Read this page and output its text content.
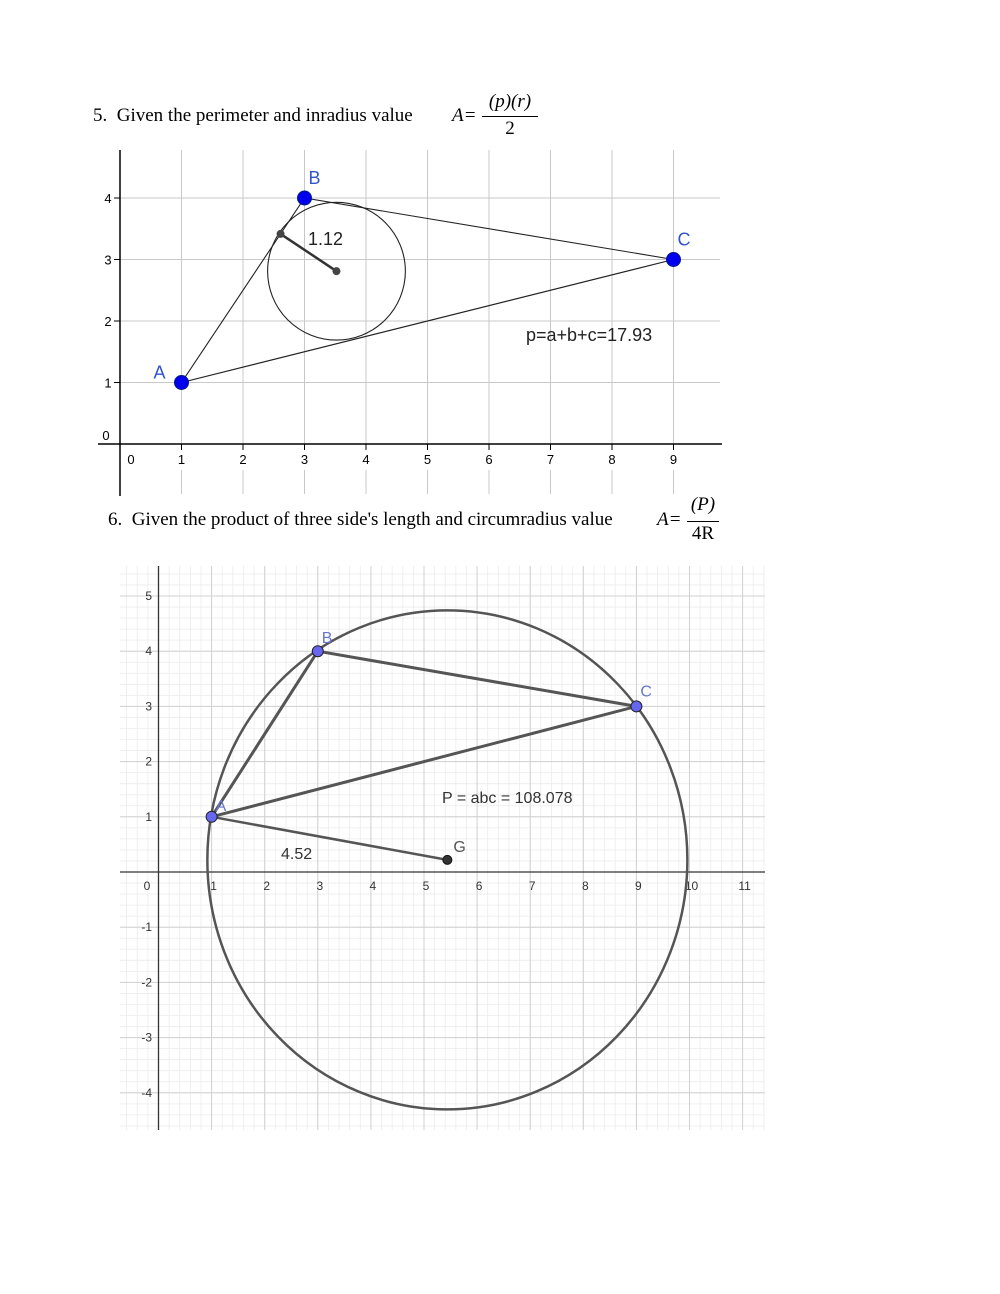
5. Given the perimeter and inradius value A=
(p)(r)
2
6. Given the product of three side's length and circumradius value A=
(P)
4R
0	1	2	3	4	5	6	7	8	9
0
1
2
3
4
1.12
p=a+b+c=17.93
A
B
C
0	1	2	3	4	5	6	7	8	9	10	11
-4
-3
-2
-1
1
2
3
4
5
4.52
P = abc = 108.078
A
B
C
G
